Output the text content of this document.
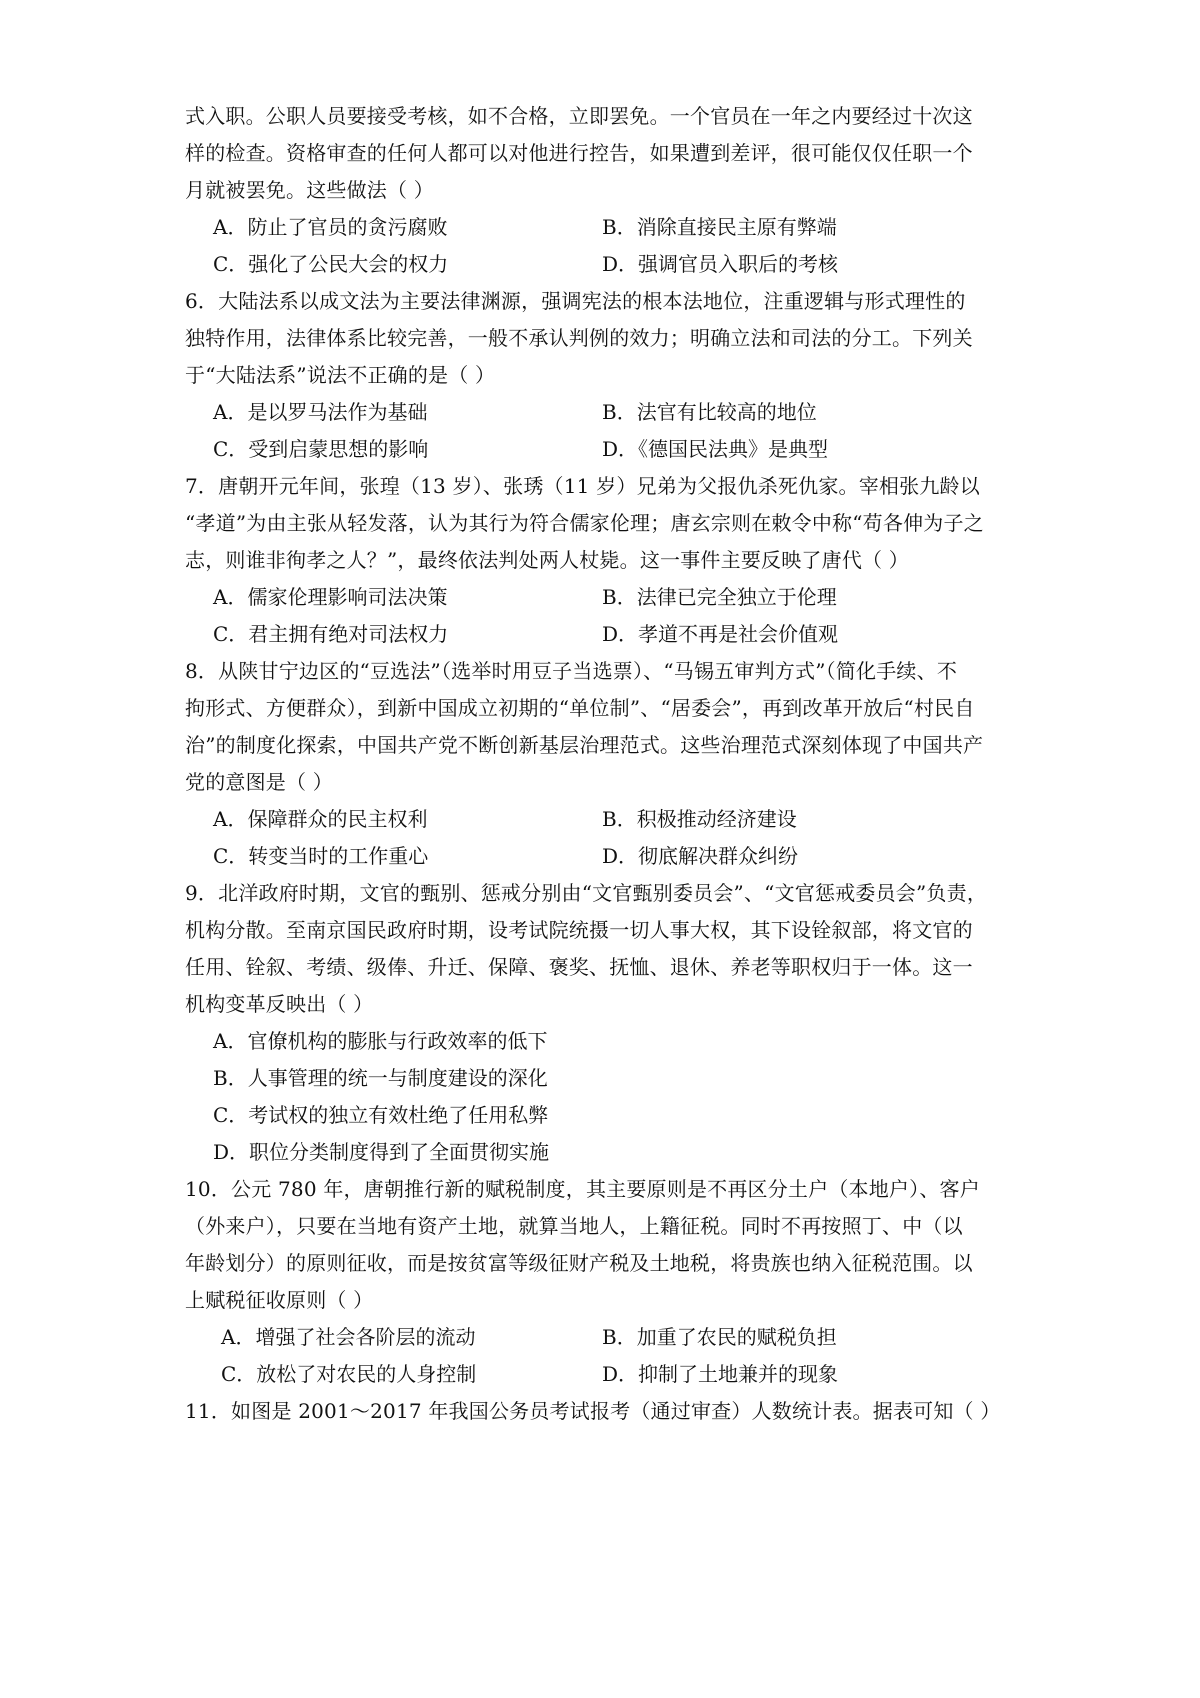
式入职。公职人员要接受考核，如不合格，立即罢免。一个官员在一年之内要经过十次这
样的检查。资格审查的任何人都可以对他进行控告，如果遭到差评，很可能仅仅任职一个
月就被罢免。这些做法（ ）
A．防止了官员的贪污腐败	B．消除直接民主原有弊端
C．强化了公民大会的权力	D．强调官员入职后的考核
6．大陆法系以成文法为主要法律渊源，强调宪法的根本法地位，注重逻辑与形式理性的
独特作用，法律体系比较完善，一般不承认判例的效力；明确立法和司法的分工。下列关
于“大陆法系”说法不正确的是（ ）
A．是以罗马法作为基础	B．法官有比较高的地位
C．受到启蒙思想的影响	D．《德国民法典》是典型
7．唐朝开元年间，张瑝（13 岁）、张琇（11 岁）兄弟为父报仇杀死仇家。宰相张九龄以
“孝道”为由主张从轻发落，认为其行为符合儒家伦理；唐玄宗则在敕令中称“苟各伸为子之
志，则谁非徇孝之人？”，最终依法判处两人杖毙。这一事件主要反映了唐代（ ）
A．儒家伦理影响司法决策	B．法律已完全独立于伦理
C．君主拥有绝对司法权力	D．孝道不再是社会价值观
8．从陕甘宁边区的“豆选法”（选举时用豆子当选票）、“马锡五审判方式”（简化手续、不
拘形式、方便群众），到新中国成立初期的“单位制”、“居委会”，再到改革开放后“村民自
治”的制度化探索，中国共产党不断创新基层治理范式。这些治理范式深刻体现了中国共产
党的意图是（ ）
A．保障群众的民主权利	B．积极推动经济建设
C．转变当时的工作重心	D．彻底解决群众纠纷
9．北洋政府时期，文官的甄别、惩戒分别由“文官甄别委员会”、“文官惩戒委员会”负责，
机构分散。至南京国民政府时期，设考试院统摄一切人事大权，其下设铨叙部，将文官的
任用、铨叙、考绩、级俸、升迁、保障、褒奖、抚恤、退休、养老等职权归于一体。这一
机构变革反映出（ ）
A．官僚机构的膨胀与行政效率的低下
B．人事管理的统一与制度建设的深化
C．考试权的独立有效杜绝了任用私弊
D．职位分类制度得到了全面贯彻实施
10．公元 780 年，唐朝推行新的赋税制度，其主要原则是不再区分土户（本地户）、客户
（外来户），只要在当地有资产土地，就算当地人，上籍征税。同时不再按照丁、中（以
年龄划分）的原则征收，而是按贫富等级征财产税及土地税，将贵族也纳入征税范围。以
上赋税征收原则（ ）
A．增强了社会各阶层的流动	B．加重了农民的赋税负担
C．放松了对农民的人身控制	D．抑制了土地兼并的现象
11．如图是 2001～2017 年我国公务员考试报考（通过审查）人数统计表。据表可知（ ）
